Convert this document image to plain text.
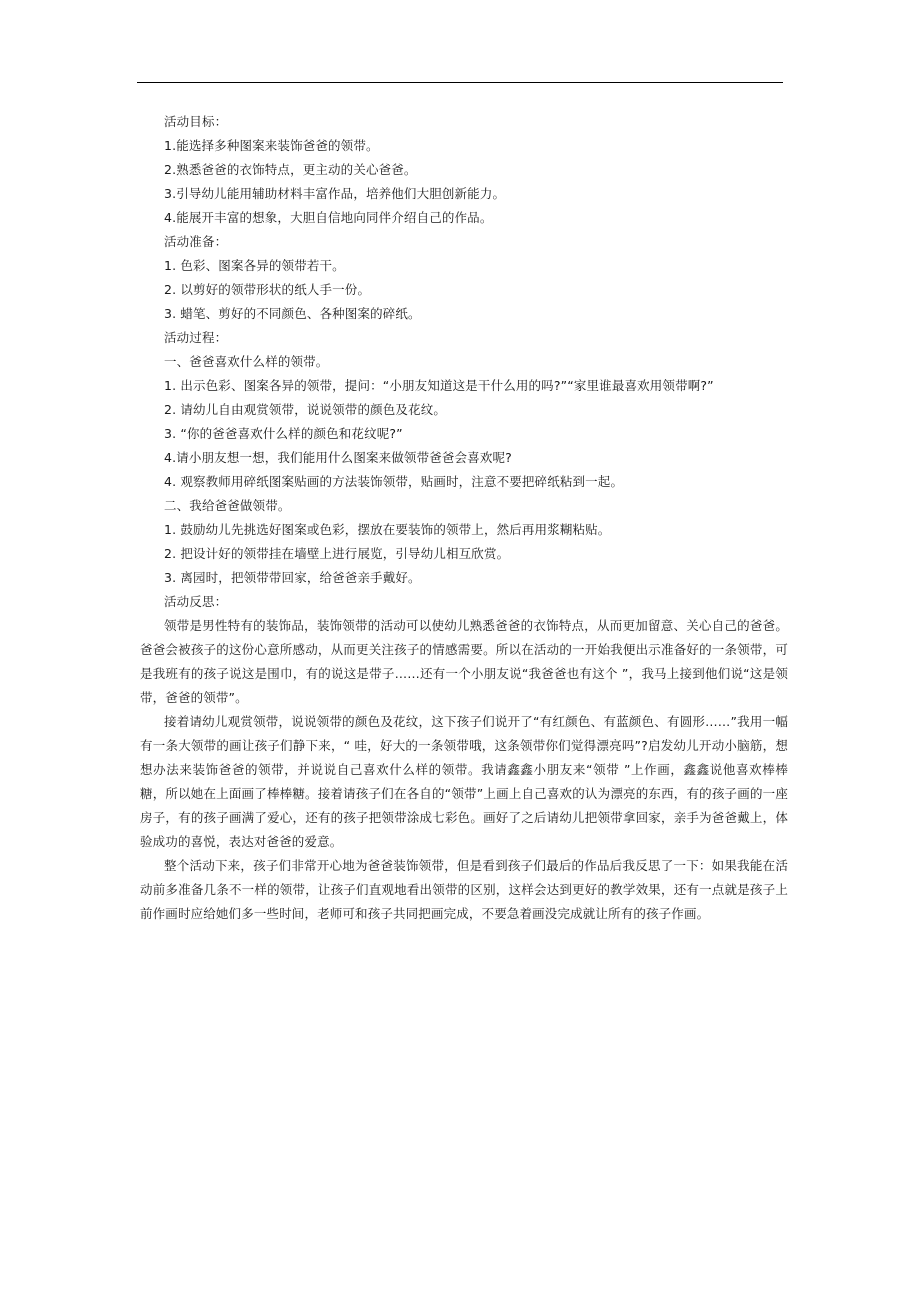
活动目标：
1.能选择多种图案来装饰爸爸的领带。
2.熟悉爸爸的衣饰特点，更主动的关心爸爸。
3.引导幼儿能用辅助材料丰富作品，培养他们大胆创新能力。
4.能展开丰富的想象，大胆自信地向同伴介绍自己的作品。
活动准备：
1. 色彩、图案各异的领带若干。
2. 以剪好的领带形状的纸人手一份。
3. 蜡笔、剪好的不同颜色、各种图案的碎纸。
活动过程：
一、爸爸喜欢什么样的领带。
1. 出示色彩、图案各异的领带，提问：“小朋友知道这是干什么用的吗?”“家里谁最喜欢用领带啊?”
2. 请幼儿自由观赏领带，说说领带的颜色及花纹。
3. “你的爸爸喜欢什么样的颜色和花纹呢?”
4.请小朋友想一想，我们能用什么图案来做领带爸爸会喜欢呢?
4. 观察教师用碎纸图案贴画的方法装饰领带，贴画时，注意不要把碎纸粘到一起。
二、我给爸爸做领带。
1. 鼓励幼儿先挑选好图案或色彩，摆放在要装饰的领带上，然后再用浆糊粘贴。
2. 把设计好的领带挂在墙壁上进行展览，引导幼儿相互欣赏。
3. 离园时，把领带带回家，给爸爸亲手戴好。
活动反思：

领带是男性特有的装饰品，装饰领带的活动可以使幼儿熟悉爸爸的衣饰特点，从而更加留意、关心自己的爸爸。爸爸会被孩子的这份心意所感动，从而更关注孩子的情感需要。所以在活动的一开始我便出示准备好的一条领带，可是我班有的孩子说这是围巾，有的说这是带子……还有一个小朋友说“我爸爸也有这个 ”，我马上接到他们说“这是领带，爸爸的领带”。

接着请幼儿观赏领带，说说领带的颜色及花纹，这下孩子们说开了“有红颜色、有蓝颜色、有圆形……”我用一幅有一条大领带的画让孩子们静下来，“ 哇，好大的一条领带哦，这条领带你们觉得漂亮吗”?启发幼儿开动小脑筋，想想办法来装饰爸爸的领带，并说说自己喜欢什么样的领带。我请鑫鑫小朋友来“领带 ”上作画，鑫鑫说他喜欢棒棒糖，所以她在上面画了棒棒糖。接着请孩子们在各自的“领带”上画上自己喜欢的认为漂亮的东西，有的孩子画的一座房子，有的孩子画满了爱心，还有的孩子把领带涂成七彩色。画好了之后请幼儿把领带拿回家，亲手为爸爸戴上，体验成功的喜悦，表达对爸爸的爱意。

整个活动下来，孩子们非常开心地为爸爸装饰领带，但是看到孩子们最后的作品后我反思了一下：如果我能在活动前多准备几条不一样的领带，让孩子们直观地看出领带的区别，这样会达到更好的教学效果，还有一点就是孩子上前作画时应给她们多一些时间，老师可和孩子共同把画完成，不要急着画没完成就让所有的孩子作画。
